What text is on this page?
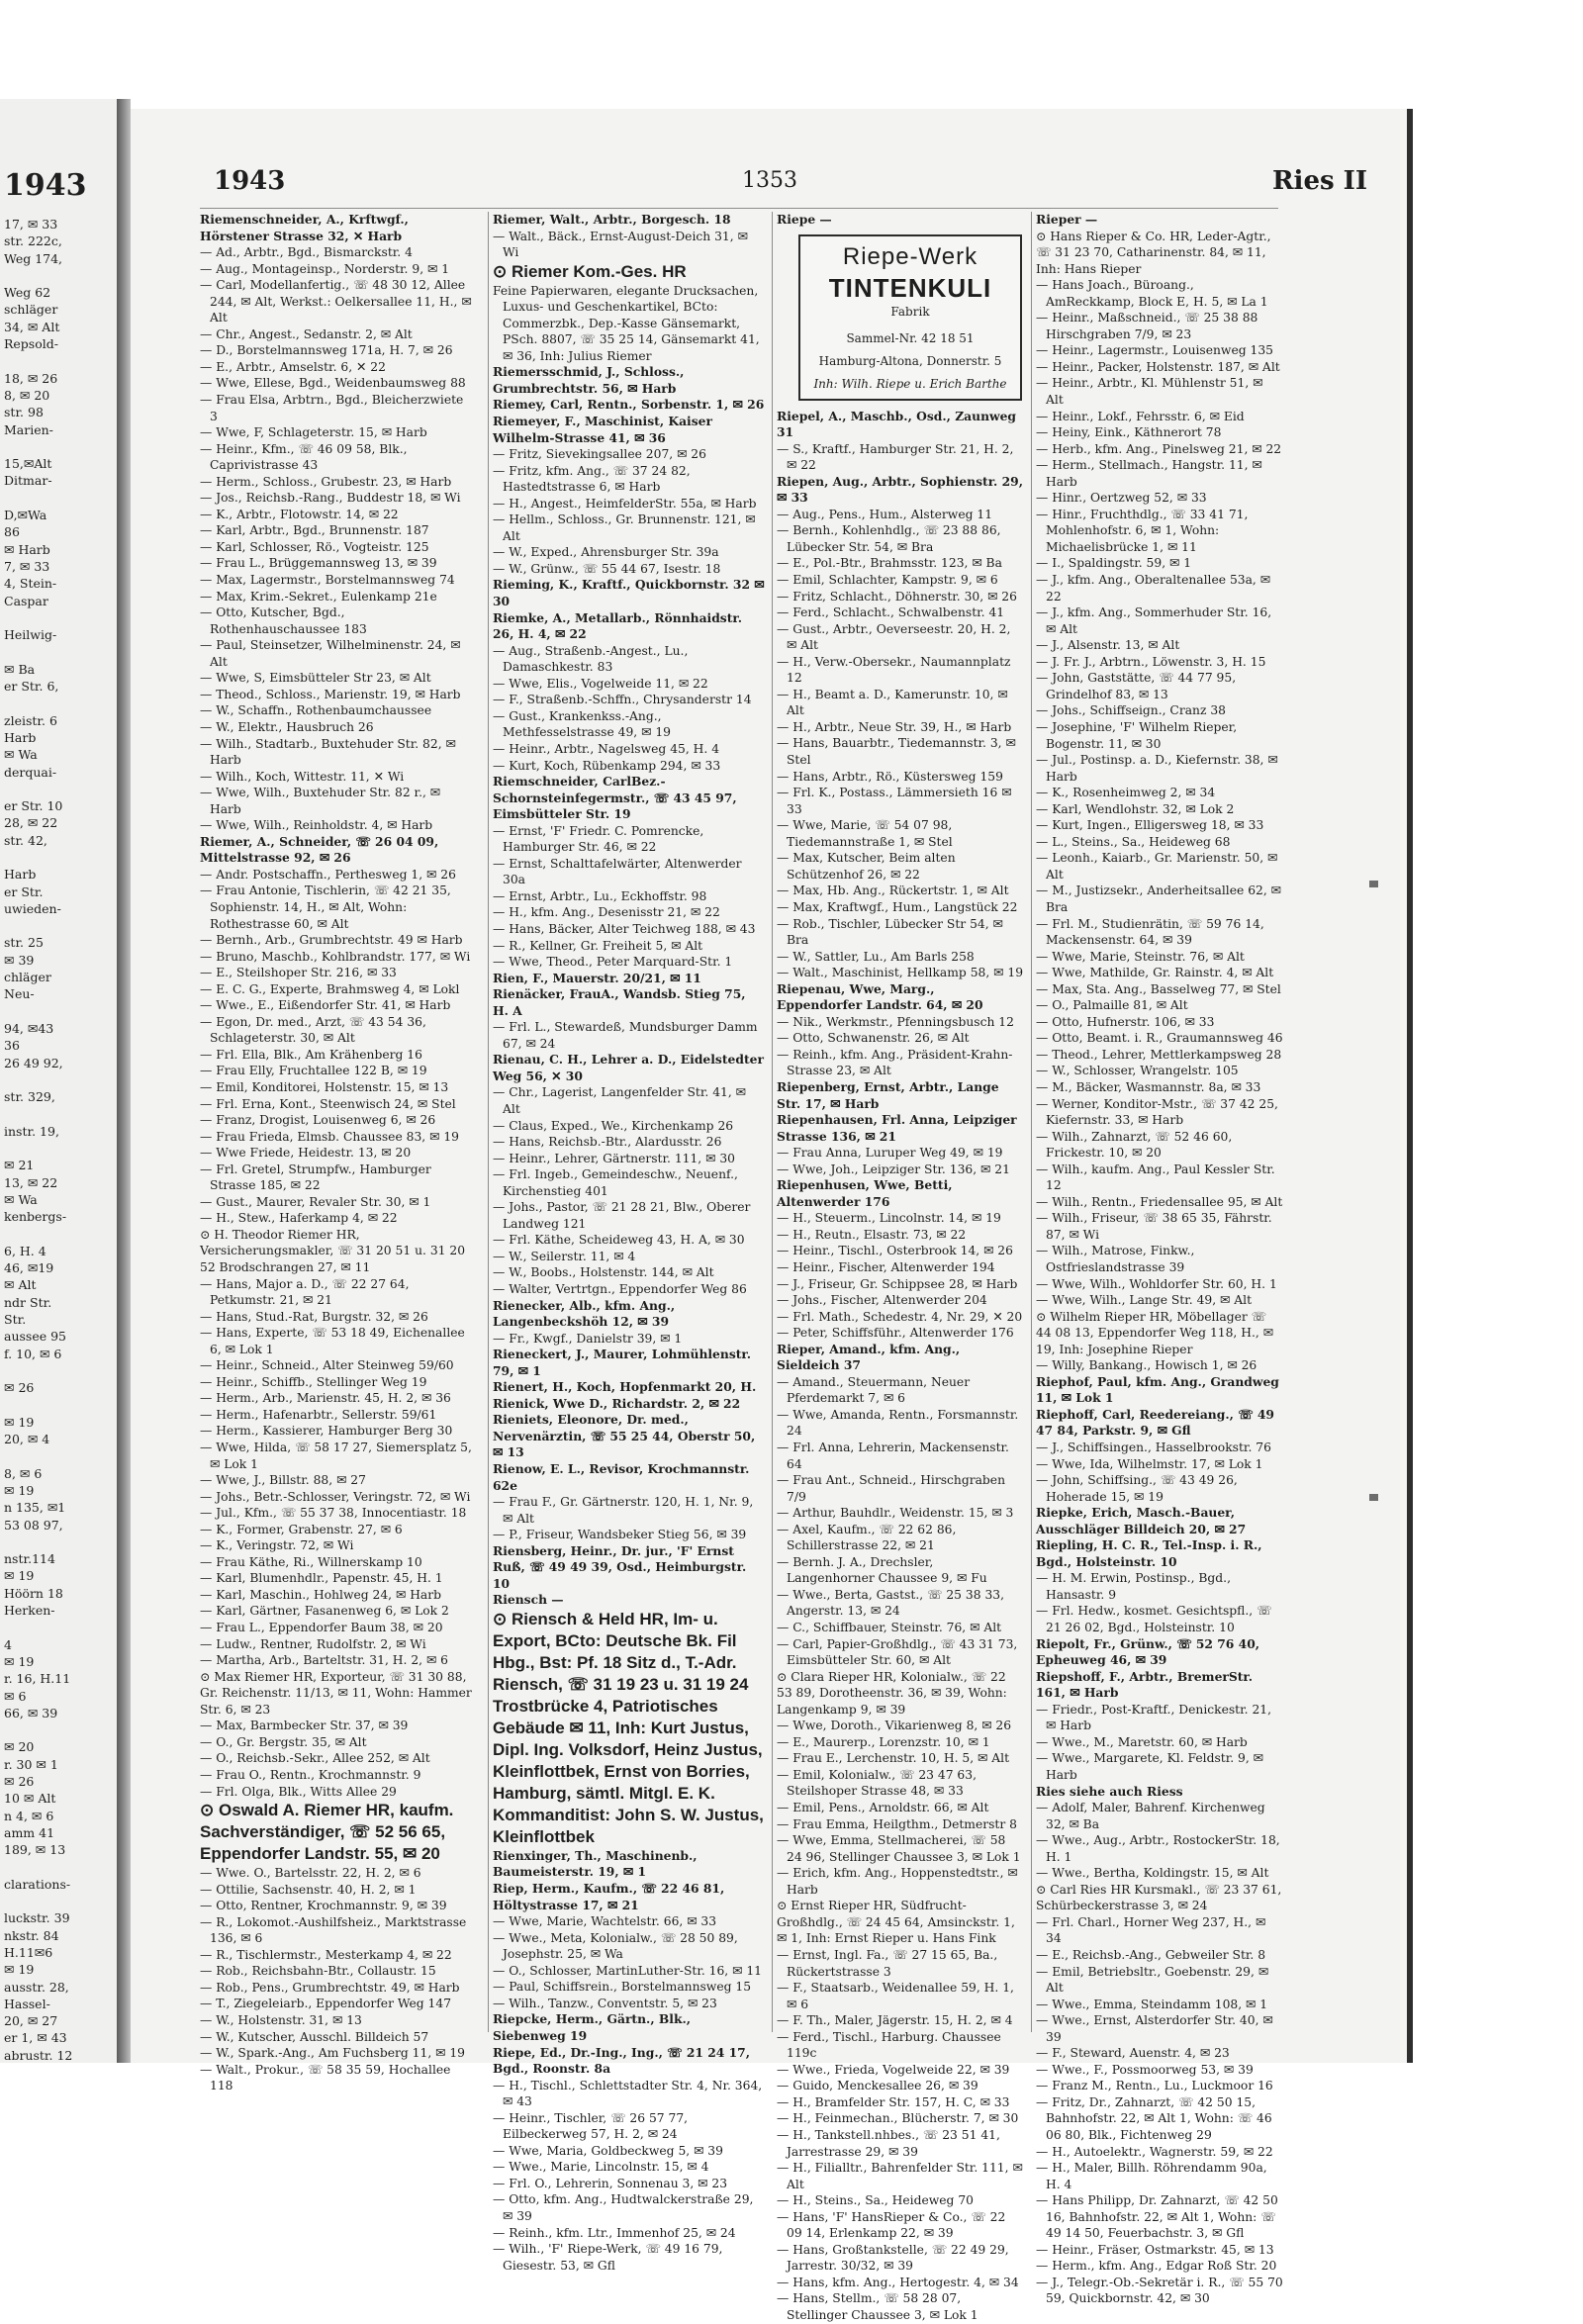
1943
17, ✉ 33
str. 222c,
Weg 174,
Weg 62
schläger
34, ✉ Alt
Repsold-
18, ✉ 26
8, ✉ 20
str. 98
Marien-
15,✉Alt
Ditmar-
D,✉Wa
86
✉ Harb
7, ✉ 33
4, Stein-
Caspar
Heilwig-
✉ Ba
er Str. 6,
zleistr. 6
Harb
✉ Wa
derquai-
er Str. 10
28, ✉ 22
str. 42,
Harb
er Str.
uwieden-
str. 25
✉ 39
chläger
Neu-
94, ✉43
36
26 49 92,
str. 329,
instr. 19,
✉ 21
13, ✉ 22
✉ Wa
kenbergs-
6, H. 4
46, ✉19
✉ Alt
ndr Str.
Str.
aussee 95
f. 10, ✉ 6
✉ 26
✉ 19
20, ✉ 4
8, ✉ 6
✉ 19
n 135, ✉1
53 08 97,
nstr.114
✉ 19
Höörn 18
Herken-
4
✉ 19
r. 16, H.11
✉ 6
66, ✉ 39
✉ 20
r. 30 ✉ 1
✉ 26
10 ✉ Alt
n 4, ✉ 6
amm 41
189, ✉ 13
clarations-
luckstr. 39
nkstr. 84
H.11✉6
✉ 19
ausstr. 28,
Hassel-
20, ✉ 27
er 1, ✉ 43
abrustr. 12
1943	1353	Ries II
Riemenschneider, A., Krftwgf., Hörstener Strasse 32, ✕ Harb
— Ad., Arbtr., Bgd., Bismarckstr. 4
— Aug., Montageinsp., Norderstr. 9, ✉ 1
— Carl, Modellanfertig., ☏ 48 30 12, Allee 244, ✉ Alt, Werkst.: Oelkersallee 11, H., ✉ Alt
— Chr., Angest., Sedanstr. 2, ✉ Alt
— D., Borstelmannsweg 171a, H. 7, ✉ 26
— E., Arbtr., Amselstr. 6, ✕ 22
— Wwe, Ellese, Bgd., Weidenbaumsweg 88
— Frau Elsa, Arbtrn., Bgd., Bleicherzwiete 3
— Wwe, F, Schlageterstr. 15, ✉ Harb
— Heinr., Kfm., ☏ 46 09 58, Blk., Caprivistrasse 43
— Herm., Schloss., Grubestr. 23, ✉ Harb
— Jos., Reichsb.-Rang., Buddestr 18, ✉ Wi
— K., Arbtr., Flotowstr. 14, ✉ 22
— Karl, Arbtr., Bgd., Brunnenstr. 187
— Karl, Schlosser, Rö., Vogteistr. 125
— Frau L., Brüggemannsweg 13, ✉ 39
— Max, Lagermstr., Borstelmannsweg 74
— Max, Krim.-Sekret., Eulenkamp 21e
— Otto, Kutscher, Bgd., Rothenhauschaussee 183
— Paul, Steinsetzer, Wilhelminenstr. 24, ✉ Alt
— Wwe, S, Eimsbütteler Str 23, ✉ Alt
— Theod., Schloss., Marienstr. 19, ✉ Harb
— W., Schaffn., Rothenbaumchaussee
— W., Elektr., Hausbruch 26
— Wilh., Stadtarb., Buxtehuder Str. 82, ✉ Harb
— Wilh., Koch, Wittestr. 11, ✕ Wi
— Wwe, Wilh., Buxtehuder Str. 82 r., ✉ Harb
— Wwe, Wilh., Reinholdstr. 4, ✉ Harb
Riemer, A., Schneider, ☏ 26 04 09, Mittelstrasse 92, ✉ 26
— Andr. Postschaffn., Perthesweg 1, ✉ 26
— Frau Antonie, Tischlerin, ☏ 42 21 35, Sophienstr. 14, H., ✉ Alt, Wohn: Rothestrasse 60, ✉ Alt
— Bernh., Arb., Grumbrechtstr. 49 ✉ Harb
— Bruno, Maschb., Kohlbrandstr. 177, ✉ Wi
— E., Steilshoper Str. 216, ✉ 33
— E. C. G., Experte, Brahmsweg 4, ✉ Lokl
— Wwe., E., Eißendorfer Str. 41, ✉ Harb
— Egon, Dr. med., Arzt, ☏ 43 54 36, Schlageterstr. 30, ✉ Alt
— Frl. Ella, Blk., Am Krähenberg 16
— Frau Elly, Fruchtallee 122 B, ✉ 19
— Emil, Konditorei, Holstenstr. 15, ✉ 13
— Frl. Erna, Kont., Steenwisch 24, ✉ Stel
— Franz, Drogist, Louisenweg 6, ✉ 26
— Frau Frieda, Elmsb. Chaussee 83, ✉ 19
— Wwe Friede, Heidestr. 13, ✉ 20
— Frl. Gretel, Strumpfw., Hamburger Strasse 185, ✉ 22
— Gust., Maurer, Revaler Str. 30, ✉ 1
— H., Stew., Haferkamp 4, ✉ 22
⊙ H. Theodor Riemer HR, Versicherungsmakler, ☏ 31 20 51 u. 31 20 52 Brodschrangen 27, ✉ 11
— Hans, Major a. D., ☏ 22 27 64, Petkumstr. 21, ✉ 21
— Hans, Stud.-Rat, Burgstr. 32, ✉ 26
— Hans, Experte, ☏ 53 18 49, Eichenallee 6, ✉ Lok 1
— Heinr., Schneid., Alter Steinweg 59/60
— Heinr., Schiffb., Stellinger Weg 19
— Herm., Arb., Marienstr. 45, H. 2, ✉ 36
— Herm., Hafenarbtr., Sellerstr. 59/61
— Herm., Kassierer, Hamburger Berg 30
— Wwe, Hilda, ☏ 58 17 27, Siemersplatz 5, ✉ Lok 1
— Wwe, J., Billstr. 88, ✉ 27
— Johs., Betr.-Schlosser, Veringstr. 72, ✉ Wi
— Jul., Kfm., ☏ 55 37 38, Innocentiastr. 18
— K., Former, Grabenstr. 27, ✉ 6
— K., Veringstr. 72, ✉ Wi
— Frau Käthe, Ri., Willnerskamp 10
— Karl, Blumenhdlr., Papenstr. 45, H. 1
— Karl, Maschin., Hohlweg 24, ✉ Harb
— Karl, Gärtner, Fasanenweg 6, ✉ Lok 2
— Frau L., Eppendorfer Baum 38, ✉ 20
— Ludw., Rentner, Rudolfstr. 2, ✉ Wi
— Martha, Arb., Barteltstr. 31, H. 2, ✉ 6
⊙ Max Riemer HR, Exporteur, ☏ 31 30 88, Gr. Reichenstr. 11/13, ✉ 11, Wohn: Hammer Str. 6, ✉ 23
— Max, Barmbecker Str. 37, ✉ 39
— O., Gr. Bergstr. 35, ✉ Alt
— O., Reichsb.-Sekr., Allee 252, ✉ Alt
— Frau O., Rentn., Krochmannstr. 9
— Frl. Olga, Blk., Witts Allee 29
⊙ Oswald A. Riemer HR, kaufm. Sachverständiger, ☏ 52 56 65, Eppendorfer Landstr. 55, ✉ 20
— Wwe. O., Bartelsstr. 22, H. 2, ✉ 6
— Ottilie, Sachsenstr. 40, H. 2, ✉ 1
— Otto, Rentner, Krochmannstr. 9, ✉ 39
— R., Lokomot.-Aushilfsheiz., Marktstrasse 136, ✉ 6
— R., Tischlermstr., Mesterkamp 4, ✉ 22
— Rob., Reichsbahn-Btr., Collaustr. 15
— Rob., Pens., Grumbrechtstr. 49, ✉ Harb
— T., Ziegeleiarb., Eppendorfer Weg 147
— W., Holstenstr. 31, ✉ 13
— W., Kutscher, Ausschl. Billdeich 57
— W., Spark.-Ang., Am Fuchsberg 11, ✉ 19
— Walt., Prokur., ☏ 58 35 59, Hochallee 118
Riemer, Walt., Arbtr., Borgesch. 18
— Walt., Bäck., Ernst-August-Deich 31, ✉ Wi
⊙ Riemer Kom.-Ges. HR
Feine Papierwaren, elegante Drucksachen, Luxus- und Geschenkartikel, BCto: Commerzbk., Dep.-Kasse Gänsemarkt, PSch. 8807, ☏ 35 25 14, Gänsemarkt 41, ✉ 36, Inh: Julius Riemer
Riemersschmid, J., Schloss., Grumbrechtstr. 56, ✉ Harb
Riemey, Carl, Rentn., Sorbenstr. 1, ✉ 26
Riemeyer, F., Maschinist, Kaiser Wilhelm-Strasse 41, ✉ 36
— Fritz, Sievekingsallee 207, ✉ 26
— Fritz, kfm. Ang., ☏ 37 24 82, Hastedtstrasse 6, ✉ Harb
— H., Angest., HeimfelderStr. 55a, ✉ Harb
— Hellm., Schloss., Gr. Brunnenstr. 121, ✉ Alt
— W., Exped., Ahrensburger Str. 39a
— W., Grünw., ☏ 55 44 67, Isestr. 18
Rieming, K., Kraftf., Quickbornstr. 32 ✉ 30
Riemke, A., Metallarb., Rönnhaidstr. 26, H. 4, ✉ 22
— Aug., Straßenb.-Angest., Lu., Damaschkestr. 83
— Wwe, Elis., Vogelweide 11, ✉ 22
— F., Straßenb.-Schffn., Chrysanderstr 14
— Gust., Krankenkss.-Ang., Methfesselstrasse 49, ✉ 19
— Heinr., Arbtr., Nagelsweg 45, H. 4
— Kurt, Koch, Rübenkamp 294, ✉ 33
Riemschneider, CarlBez.-Schornsteinfegermstr., ☏ 43 45 97, Eimsbütteler Str. 19
— Ernst, 'F' Friedr. C. Pomrencke, Hamburger Str. 46, ✉ 22
— Ernst, Schalttafelwärter, Altenwerder 30a
— Ernst, Arbtr., Lu., Eckhoffstr. 98
— H., kfm. Ang., Desenisstr 21, ✉ 22
— Hans, Bäcker, Alter Teichweg 188, ✉ 43
— R., Kellner, Gr. Freiheit 5, ✉ Alt
— Wwe, Theod., Peter Marquard-Str. 1
Rien, F., Mauerstr. 20/21, ✉ 11
Rienäcker, FrauA., Wandsb. Stieg 75, H. A
— Frl. L., Stewardeß, Mundsburger Damm 67, ✉ 24
Rienau, C. H., Lehrer a. D., Eidelstedter Weg 56, ✕ 30
— Chr., Lagerist, Langenfelder Str. 41, ✉ Alt
— Claus, Exped., We., Kirchenkamp 26
— Hans, Reichsb.-Btr., Alardusstr. 26
— Heinr., Lehrer, Gärtnerstr. 111, ✉ 30
— Frl. Ingeb., Gemeindeschw., Neuenf., Kirchenstieg 401
— Johs., Pastor, ☏ 21 28 21, Blw., Oberer Landweg 121
— Frl. Käthe, Scheideweg 43, H. A, ✉ 30
— W., Seilerstr. 11, ✉ 4
— W., Boobs., Holstenstr. 144, ✉ Alt
— Walter, Vertrtgn., Eppendorfer Weg 86
Rienecker, Alb., kfm. Ang., Langenbeckshöh 12, ✉ 39
— Fr., Kwgf., Danielstr 39, ✉ 1
Rieneckert, J., Maurer, Lohmühlenstr. 79, ✉ 1
Rienert, H., Koch, Hopfenmarkt 20, H.
Rienick, Wwe D., Richardstr. 2, ✉ 22
Rieniets, Eleonore, Dr. med., Nervenärztin, ☏ 55 25 44, Oberstr 50, ✉ 13
Rienow, E. L., Revisor, Krochmannstr. 62e
— Frau F., Gr. Gärtnerstr. 120, H. 1, Nr. 9, ✉ Alt
— P., Friseur, Wandsbeker Stieg 56, ✉ 39
Riensberg, Heinr., Dr. jur., 'F' Ernst Ruß, ☏ 49 49 39, Osd., Heimburgstr. 10
Riensch —
⊙ Riensch & Held HR, Im- u. Export, BCto: Deutsche Bk. Fil Hbg., Bst: Pf. 18 Sitz d., T.-Adr. Riensch, ☏ 31 19 23 u. 31 19 24 Trostbrücke 4, Patriotisches Gebäude ✉ 11, Inh: Kurt Justus, Dipl. Ing. Volksdorf, Heinz Justus, Kleinflottbek, Ernst von Borries, Hamburg, sämtl. Mitgl. E. K. Kommanditist: John S. W. Justus, Kleinflottbek
Rienxinger, Th., Maschinenb., Baumeisterstr. 19, ✉ 1
Riep, Herm., Kaufm., ☏ 22 46 81, Höltystrasse 17, ✉ 21
— Wwe, Marie, Wachtelstr. 66, ✉ 33
— Wwe., Meta, Kolonialw., ☏ 28 50 89, Josephstr. 25, ✉ Wa
— O., Schlosser, MartinLuther-Str. 16, ✉ 11
— Paul, Schiffsrein., Borstelmannsweg 15
— Wilh., Tanzw., Conventstr. 5, ✉ 23
Riepcke, Herm., Gärtn., Blk., Siebenweg 19
Riepe, Ed., Dr.-Ing., Ing., ☏ 21 24 17, Bgd., Roonstr. 8a
— H., Tischl., Schlettstadter Str. 4, Nr. 364, ✉ 43
— Heinr., Tischler, ☏ 26 57 77, Eilbeckerweg 57, H. 2, ✉ 24
— Wwe, Maria, Goldbeckweg 5, ✉ 39
— Wwe., Marie, Lincolnstr. 15, ✉ 4
— Frl. O., Lehrerin, Sonnenau 3, ✉ 23
— Otto, kfm. Ang., Hudtwalckerstraße 29, ✉ 39
— Reinh., kfm. Ltr., Immenhof 25, ✉ 24
— Wilh., 'F' Riepe-Werk, ☏ 49 16 79, Giesestr. 53, ✉ Gfl
Riepe —
Riepe-Werk
TINTENKULI
Fabrik
Sammel-Nr. 42 18 51
Hamburg-Altona, Donnerstr. 5
Inh: Wilh. Riepe u. Erich Barthe
Riepel, A., Maschb., Osd., Zaunweg 31
— S., Kraftf., Hamburger Str. 21, H. 2, ✉ 22
Riepen, Aug., Arbtr., Sophienstr. 29, ✉ 33
— Aug., Pens., Hum., Alsterweg 11
— Bernh., Kohlenhdlg., ☏ 23 88 86, Lübecker Str. 54, ✉ Bra
— E., Pol.-Btr., Brahmsstr. 123, ✉ Ba
— Emil, Schlachter, Kampstr. 9, ✉ 6
— Fritz, Schlacht., Döhnerstr. 30, ✉ 26
— Ferd., Schlacht., Schwalbenstr. 41
— Gust., Arbtr., Oeverseestr. 20, H. 2, ✉ Alt
— H., Verw.-Obersekr., Naumannplatz 12
— H., Beamt a. D., Kamerunstr. 10, ✉ Alt
— H., Arbtr., Neue Str. 39, H., ✉ Harb
— Hans, Bauarbtr., Tiedemannstr. 3, ✉ Stel
— Hans, Arbtr., Rö., Küstersweg 159
— Frl. K., Postass., Lämmersieth 16 ✉ 33
— Wwe, Marie, ☏ 54 07 98, Tiedemannstraße 1, ✉ Stel
— Max, Kutscher, Beim alten Schützenhof 26, ✉ 22
— Max, Hb. Ang., Rückertstr. 1, ✉ Alt
— Max, Kraftwgf., Hum., Langstück 22
— Rob., Tischler, Lübecker Str 54, ✉ Bra
— W., Sattler, Lu., Am Barls 258
— Walt., Maschinist, Hellkamp 58, ✉ 19
Riepenau, Wwe, Marg., Eppendorfer Landstr. 64, ✉ 20
— Nik., Werkmstr., Pfenningsbusch 12
— Otto, Schwanenstr. 26, ✉ Alt
— Reinh., kfm. Ang., Präsident-Krahn-Strasse 23, ✉ Alt
Riepenberg, Ernst, Arbtr., Lange Str. 17, ✉ Harb
Riepenhausen, Frl. Anna, Leipziger Strasse 136, ✉ 21
— Frau Anna, Luruper Weg 49, ✉ 19
— Wwe, Joh., Leipziger Str. 136, ✉ 21
Riepenhusen, Wwe, Betti, Altenwerder 176
— H., Steuerm., Lincolnstr. 14, ✉ 19
— H., Reutn., Elsastr. 73, ✉ 22
— Heinr., Tischl., Osterbrook 14, ✉ 26
— Heinr., Fischer, Altenwerder 194
— J., Friseur, Gr. Schippsee 28, ✉ Harb
— Johs., Fischer, Altenwerder 204
— Frl. Math., Schedestr. 4, Nr. 29, ✕ 20
— Peter, Schiffsführ., Altenwerder 176
Rieper, Amand., kfm. Ang., Sieldeich 37
— Amand., Steuermann, Neuer Pferdemarkt 7, ✉ 6
— Wwe, Amanda, Rentn., Forsmannstr. 24
— Frl. Anna, Lehrerin, Mackensenstr. 64
— Frau Ant., Schneid., Hirschgraben 7/9
— Arthur, Bauhdlr., Weidenstr. 15, ✉ 3
— Axel, Kaufm., ☏ 22 62 86, Schillerstrasse 22, ✉ 21
— Bernh. J. A., Drechsler, Langenhorner Chaussee 9, ✉ Fu
— Wwe., Berta, Gastst., ☏ 25 38 33, Angerstr. 13, ✉ 24
— C., Schiffbauer, Steinstr. 76, ✉ Alt
— Carl, Papier-Großhdlg., ☏ 43 31 73, Eimsbütteler Str. 60, ✉ Alt
⊙ Clara Rieper HR, Kolonialw., ☏ 22 53 89, Dorotheenstr. 36, ✉ 39, Wohn: Langenkamp 9, ✉ 39
— Wwe, Doroth., Vikarienweg 8, ✉ 26
— E., Maurerp., Lorenzstr. 10, ✉ 1
— Frau E., Lerchenstr. 10, H. 5, ✉ Alt
— Emil, Kolonialw., ☏ 23 47 63, Steilshoper Strasse 48, ✉ 33
— Emil, Pens., Arnoldstr. 66, ✉ Alt
— Frau Emma, Heilgthm., Detmerstr 8
— Wwe, Emma, Stellmacherei, ☏ 58 24 96, Stellinger Chaussee 3, ✉ Lok 1
— Erich, kfm. Ang., Hoppenstedtstr., ✉ Harb
⊙ Ernst Rieper HR, Südfrucht-Großhdlg., ☏ 24 45 64, Amsinckstr. 1, ✉ 1, Inh: Ernst Rieper u. Hans Fink
— Ernst, Ingl. Fa., ☏ 27 15 65, Ba., Rückertstrasse 3
— F., Staatsarb., Weidenallee 59, H. 1, ✉ 6
— F. Th., Maler, Jägerstr. 15, H. 2, ✉ 4
— Ferd., Tischl., Harburg. Chaussee 119c
— Wwe., Frieda, Vogelweide 22, ✉ 39
— Guido, Menckesallee 26, ✉ 39
— H., Bramfelder Str. 157, H. C, ✉ 33
— H., Feinmechan., Blücherstr. 7, ✉ 30
— H., Tankstell.nhbes., ☏ 23 51 41, Jarrestrasse 29, ✉ 39
— H., Filialltr., Bahrenfelder Str. 111, ✉ Alt
— H., Steins., Sa., Heideweg 70
— Hans, 'F' HansRieper & Co., ☏ 22 09 14, Erlenkamp 22, ✉ 39
— Hans, Großtankstelle, ☏ 22 49 29, Jarrestr. 30/32, ✉ 39
— Hans, kfm. Ang., Hertogestr. 4, ✉ 34
— Hans, Stellm., ☏ 58 28 07, Stellinger Chaussee 3, ✉ Lok 1
Rieper —
⊙ Hans Rieper & Co. HR, Leder-Agtr., ☏ 31 23 70, Catharinenstr. 84, ✉ 11, Inh: Hans Rieper
— Hans Joach., Büroang., AmReckkamp, Block E, H. 5, ✉ La 1
— Heinr., Maßschneid., ☏ 25 38 88 Hirschgraben 7/9, ✉ 23
— Heinr., Lagermstr., Louisenweg 135
— Heinr., Packer, Holstenstr. 187, ✉ Alt
— Heinr., Arbtr., Kl. Mühlenstr 51, ✉ Alt
— Heinr., Lokf., Fehrsstr. 6, ✉ Eid
— Heiny, Eink., Käthnerort 78
— Herb., kfm. Ang., Pinelsweg 21, ✉ 22
— Herm., Stellmach., Hangstr. 11, ✉ Harb
— Hinr., Oertzweg 52, ✉ 33
— Hinr., Fruchthdlg., ☏ 33 41 71, Mohlenhofstr. 6, ✉ 1, Wohn: Michaelisbrücke 1, ✉ 11
— I., Spaldingstr. 59, ✉ 1
— J., kfm. Ang., Oberaltenallee 53a, ✉ 22
— J., kfm. Ang., Sommerhuder Str. 16, ✉ Alt
— J., Alsenstr. 13, ✉ Alt
— J. Fr. J., Arbtrn., Löwenstr. 3, H. 15
— John, Gaststätte, ☏ 44 77 95, Grindelhof 83, ✉ 13
— Johs., Schiffseign., Cranz 38
— Josephine, 'F' Wilhelm Rieper, Bogenstr. 11, ✉ 30
— Jul., Postinsp. a. D., Kiefernstr. 38, ✉ Harb
— K., Rosenheimweg 2, ✉ 34
— Karl, Wendlohstr. 32, ✉ Lok 2
— Kurt, Ingen., Elligersweg 18, ✉ 33
— L., Steins., Sa., Heideweg 68
— Leonh., Kaiarb., Gr. Marienstr. 50, ✉ Alt
— M., Justizsekr., Anderheitsallee 62, ✉ Bra
— Frl. M., Studienrätin, ☏ 59 76 14, Mackensenstr. 64, ✉ 39
— Wwe, Marie, Steinstr. 76, ✉ Alt
— Wwe, Mathilde, Gr. Rainstr. 4, ✉ Alt
— Max, Sta. Ang., Basselweg 77, ✉ Stel
— O., Palmaille 81, ✉ Alt
— Otto, Hufnerstr. 106, ✉ 33
— Otto, Beamt. i. R., Graumannsweg 46
— Theod., Lehrer, Mettlerkampsweg 28
— W., Schlosser, Wrangelstr. 105
— M., Bäcker, Wasmannstr. 8a, ✉ 33
— Werner, Konditor-Mstr., ☏ 37 42 25, Kiefernstr. 33, ✉ Harb
— Wilh., Zahnarzt, ☏ 52 46 60, Frickestr. 10, ✉ 20
— Wilh., kaufm. Ang., Paul Kessler Str. 12
— Wilh., Rentn., Friedensallee 95, ✉ Alt
— Wilh., Friseur, ☏ 38 65 35, Fährstr. 87, ✉ Wi
— Wilh., Matrose, Finkw., Ostfrieslandstrasse 39
— Wwe, Wilh., Wohldorfer Str. 60, H. 1
— Wwe, Wilh., Lange Str. 49, ✉ Alt
⊙ Wilhelm Rieper HR, Möbellager ☏ 44 08 13, Eppendorfer Weg 118, H., ✉ 19, Inh: Josephine Rieper
— Willy, Bankang., Howisch 1, ✉ 26
Riephof, Paul, kfm. Ang., Grandweg 11, ✉ Lok 1
Riephoff, Carl, Reedereiang., ☏ 49 47 84, Parkstr. 9, ✉ Gfl
— J., Schiffsingen., Hasselbrookstr. 76
— Wwe, Ida, Wilhelmstr. 17, ✉ Lok 1
— John, Schiffsing., ☏ 43 49 26, Hoherade 15, ✉ 19
Riepke, Erich, Masch.-Bauer, Ausschläger Billdeich 20, ✉ 27
Riepling, H. C. R., Tel.-Insp. i. R., Bgd., Holsteinstr. 10
— H. M. Erwin, Postinsp., Bgd., Hansastr. 9
— Frl. Hedw., kosmet. Gesichtspfl., ☏ 21 26 02, Bgd., Holsteinstr. 10
Riepolt, Fr., Grünw., ☏ 52 76 40, Epheuweg 46, ✉ 39
Riepshoff, F., Arbtr., BremerStr. 161, ✉ Harb
— Friedr., Post-Kraftf., Denickestr. 21, ✉ Harb
— Wwe., M., Maretstr. 60, ✉ Harb
— Wwe., Margarete, Kl. Feldstr. 9, ✉ Harb
Ries siehe auch Riess
— Adolf, Maler, Bahrenf. Kirchenweg 32, ✉ Ba
— Wwe., Aug., Arbtr., RostockerStr. 18, H. 1
— Wwe., Bertha, Koldingstr. 15, ✉ Alt
⊙ Carl Ries HR Kursmakl., ☏ 23 37 61, Schürbeckerstrasse 3, ✉ 24
— Frl. Charl., Horner Weg 237, H., ✉ 34
— E., Reichsb.-Ang., Gebweiler Str. 8
— Emil, Betriebsltr., Goebenstr. 29, ✉ Alt
— Wwe., Emma, Steindamm 108, ✉ 1
— Wwe., Ernst, Alsterdorfer Str. 40, ✉ 39
— F., Steward, Auenstr. 4, ✉ 23
— Wwe., F., Possmoorweg 53, ✉ 39
— Franz M., Rentn., Lu., Luckmoor 16
— Fritz, Dr., Zahnarzt, ☏ 42 50 15, Bahnhofstr. 22, ✉ Alt 1, Wohn: ☏ 46 06 80, Blk., Fichtenweg 29
— H., Autoelektr., Wagnerstr. 59, ✉ 22
— H., Maler, Billh. Röhrendamm 90a, H. 4
— Hans Philipp, Dr. Zahnarzt, ☏ 42 50 16, Bahnhofstr. 22, ✉ Alt 1, Wohn: ☏ 49 14 50, Feuerbachstr. 3, ✉ Gfl
— Heinr., Fräser, Ostmarkstr. 45, ✉ 13
— Herm., kfm. Ang., Edgar Roß Str. 20
— J., Telegr.-Ob.-Sekretär i. R., ☏ 55 70 59, Quickbornstr. 42, ✉ 30
